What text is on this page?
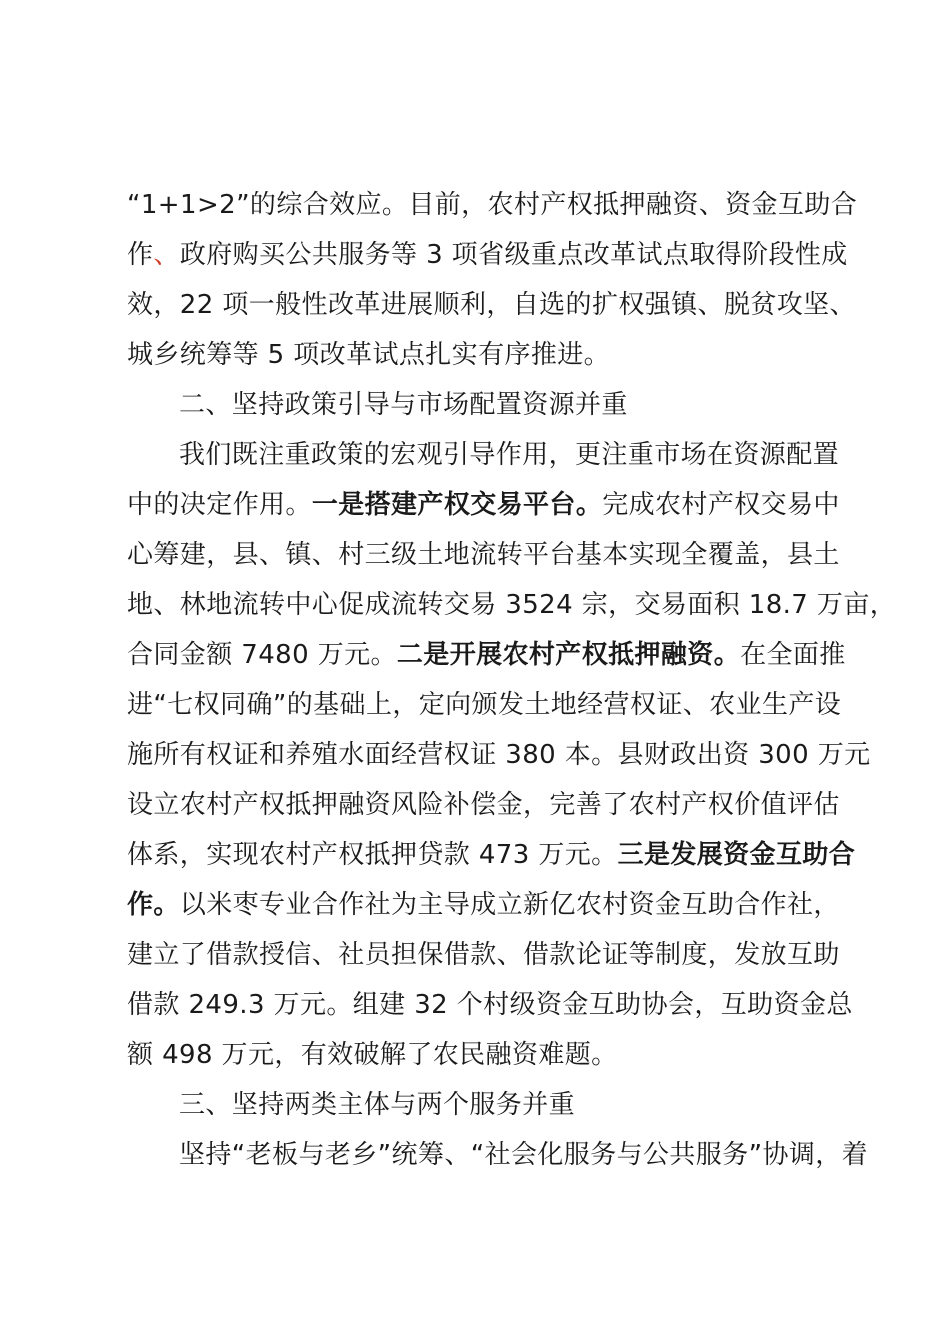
“1+1>2”的综合效应。目前，农村产权抵押融资、资金互助合
作、政府购买公共服务等 3 项省级重点改革试点取得阶段性成
效，22 项一般性改革进展顺利，自选的扩权强镇、脱贫攻坚、
城乡统筹等 5 项改革试点扎实有序推进。
二、坚持政策引导与市场配置资源并重
我们既注重政策的宏观引导作用，更注重市场在资源配置
中的决定作用。一是搭建产权交易平台。完成农村产权交易中
心筹建，县、镇、村三级土地流转平台基本实现全覆盖，县土
地、林地流转中心促成流转交易 3524 宗，交易面积 18.7 万亩，
合同金额 7480 万元。二是开展农村产权抵押融资。在全面推
进“七权同确”的基础上，定向颁发土地经营权证、农业生产设
施所有权证和养殖水面经营权证 380 本。县财政出资 300 万元
设立农村产权抵押融资风险补偿金，完善了农村产权价值评估
体系，实现农村产权抵押贷款 473 万元。三是发展资金互助合
作。以米枣专业合作社为主导成立新亿农村资金互助合作社，
建立了借款授信、社员担保借款、借款论证等制度，发放互助
借款 249.3 万元。组建 32 个村级资金互助协会，互助资金总
额 498 万元，有效破解了农民融资难题。
三、坚持两类主体与两个服务并重
坚持“老板与老乡”统筹、“社会化服务与公共服务”协调，着
